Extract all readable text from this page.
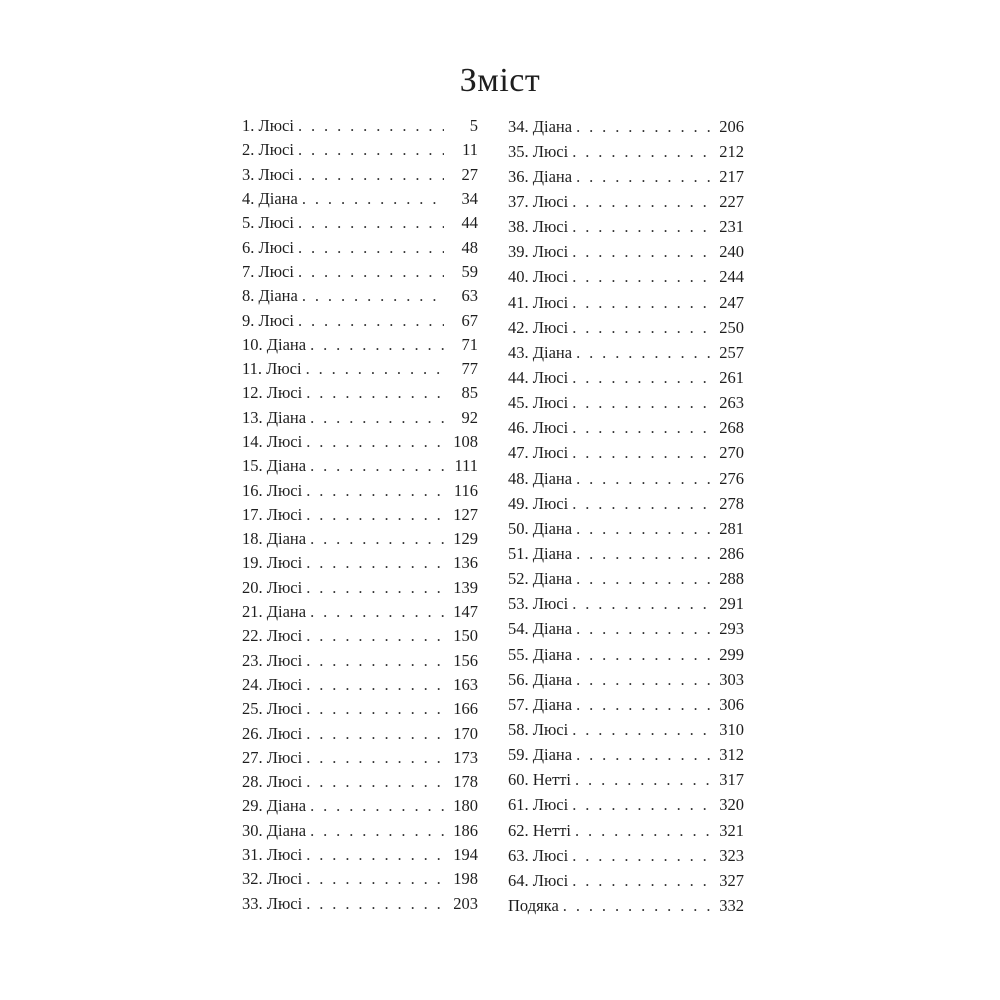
Зміст
1. Люсі . . .	5
2. Люсі . . .	11
3. Люсі . . .	27
4. Діана . . .	34
5. Люсі . . .	44
6. Люсі . . .	48
7. Люсі . . .	59
8. Діана . . .	63
9. Люсі . . .	67
10. Діана . . .	71
11. Люсі . . .	77
12. Люсі . . .	85
13. Діана . . .	92
14. Люсі . . .	108
15. Діана . . .	111
16. Люсі . . .	116
17. Люсі . . .	127
18. Діана . . .	129
19. Люсі . . .	136
20. Люсі . . .	139
21. Діана . . .	147
22. Люсі . . .	150
23. Люсі . . .	156
24. Люсі . . .	163
25. Люсі . . .	166
26. Люсі . . .	170
27. Люсі . . .	173
28. Люсі . . .	178
29. Діана . . .	180
30. Діана . . .	186
31. Люсі . . .	194
32. Люсі . . .	198
33. Люсі . . .	203
34. Діана . . .	206
35. Люсі . . .	212
36. Діана . . .	217
37. Люсі . . .	227
38. Люсі . . .	231
39. Люсі . . .	240
40. Люсі . . .	244
41. Люсі . . .	247
42. Люсі . . .	250
43. Діана . . .	257
44. Люсі . . .	261
45. Люсі . . .	263
46. Люсі . . .	268
47. Люсі . . .	270
48. Діана . . .	276
49. Люсі . . .	278
50. Діана . . .	281
51. Діана . . .	286
52. Діана . . .	288
53. Люсі . . .	291
54. Діана . . .	293
55. Діана . . .	299
56. Діана . . .	303
57. Діана . . .	306
58. Люсі . . .	310
59. Діана . . .	312
60. Нетті . . .	317
61. Люсі . . .	320
62. Нетті . . .	321
63. Люсі . . .	323
64. Люсі . . .	327
Подяка . . .	332
